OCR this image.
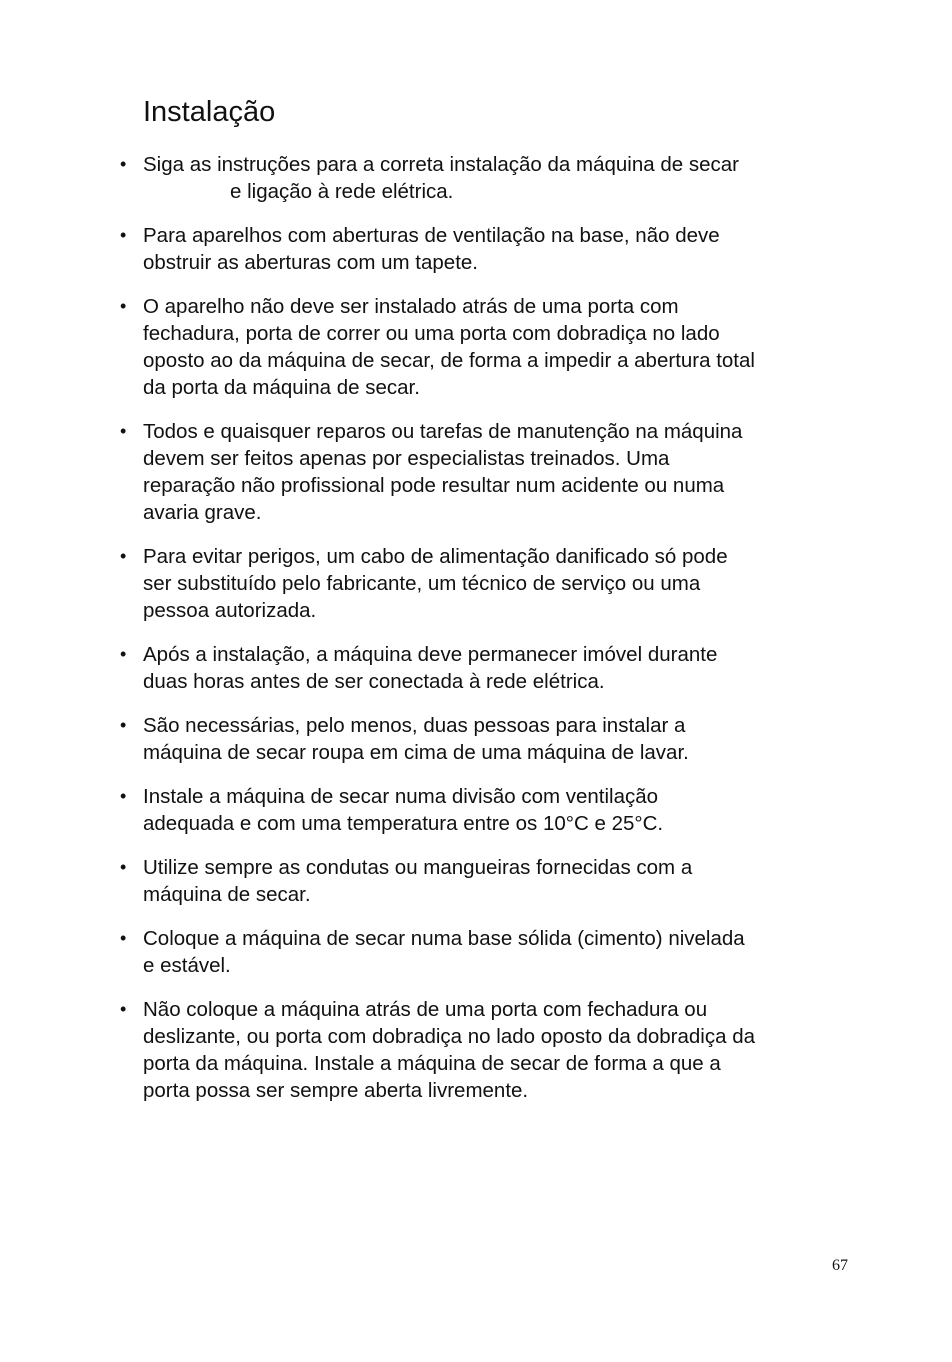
Instalação
• Siga as instruções para a correta instalação da máquina de secar
e ligação à rede elétrica.
• Para aparelhos com aberturas de ventilação na base, não deve
obstruir as aberturas com um tapete.
• O aparelho não deve ser instalado atrás de uma porta com
fechadura, porta de correr ou uma porta com dobradiça no lado
oposto ao da máquina de secar, de forma a impedir a abertura total
da porta da máquina de secar.
• Todos e quaisquer reparos ou tarefas de manutenção na máquina
devem ser feitos apenas por especialistas treinados. Uma
reparação não profissional pode resultar num acidente ou numa
avaria grave.
• Para evitar perigos, um cabo de alimentação danificado só pode
ser substituído pelo fabricante, um técnico de serviço ou uma
pessoa autorizada.
• Após a instalação, a máquina deve permanecer imóvel durante
duas horas antes de ser conectada à rede elétrica.
• São necessárias, pelo menos, duas pessoas para instalar a
máquina de secar roupa em cima de uma máquina de lavar.
• Instale a máquina de secar numa divisão com ventilação
adequada e com uma temperatura entre os 10°C e 25°C.
• Utilize sempre as condutas ou mangueiras fornecidas com a
máquina de secar.
• Coloque a máquina de secar numa base sólida (cimento) nivelada
e estável.
• Não coloque a máquina atrás de uma porta com fechadura ou
deslizante, ou porta com dobradiça no lado oposto da dobradiça da
porta da máquina. Instale a máquina de secar de forma a que a
porta possa ser sempre aberta livremente.
67
